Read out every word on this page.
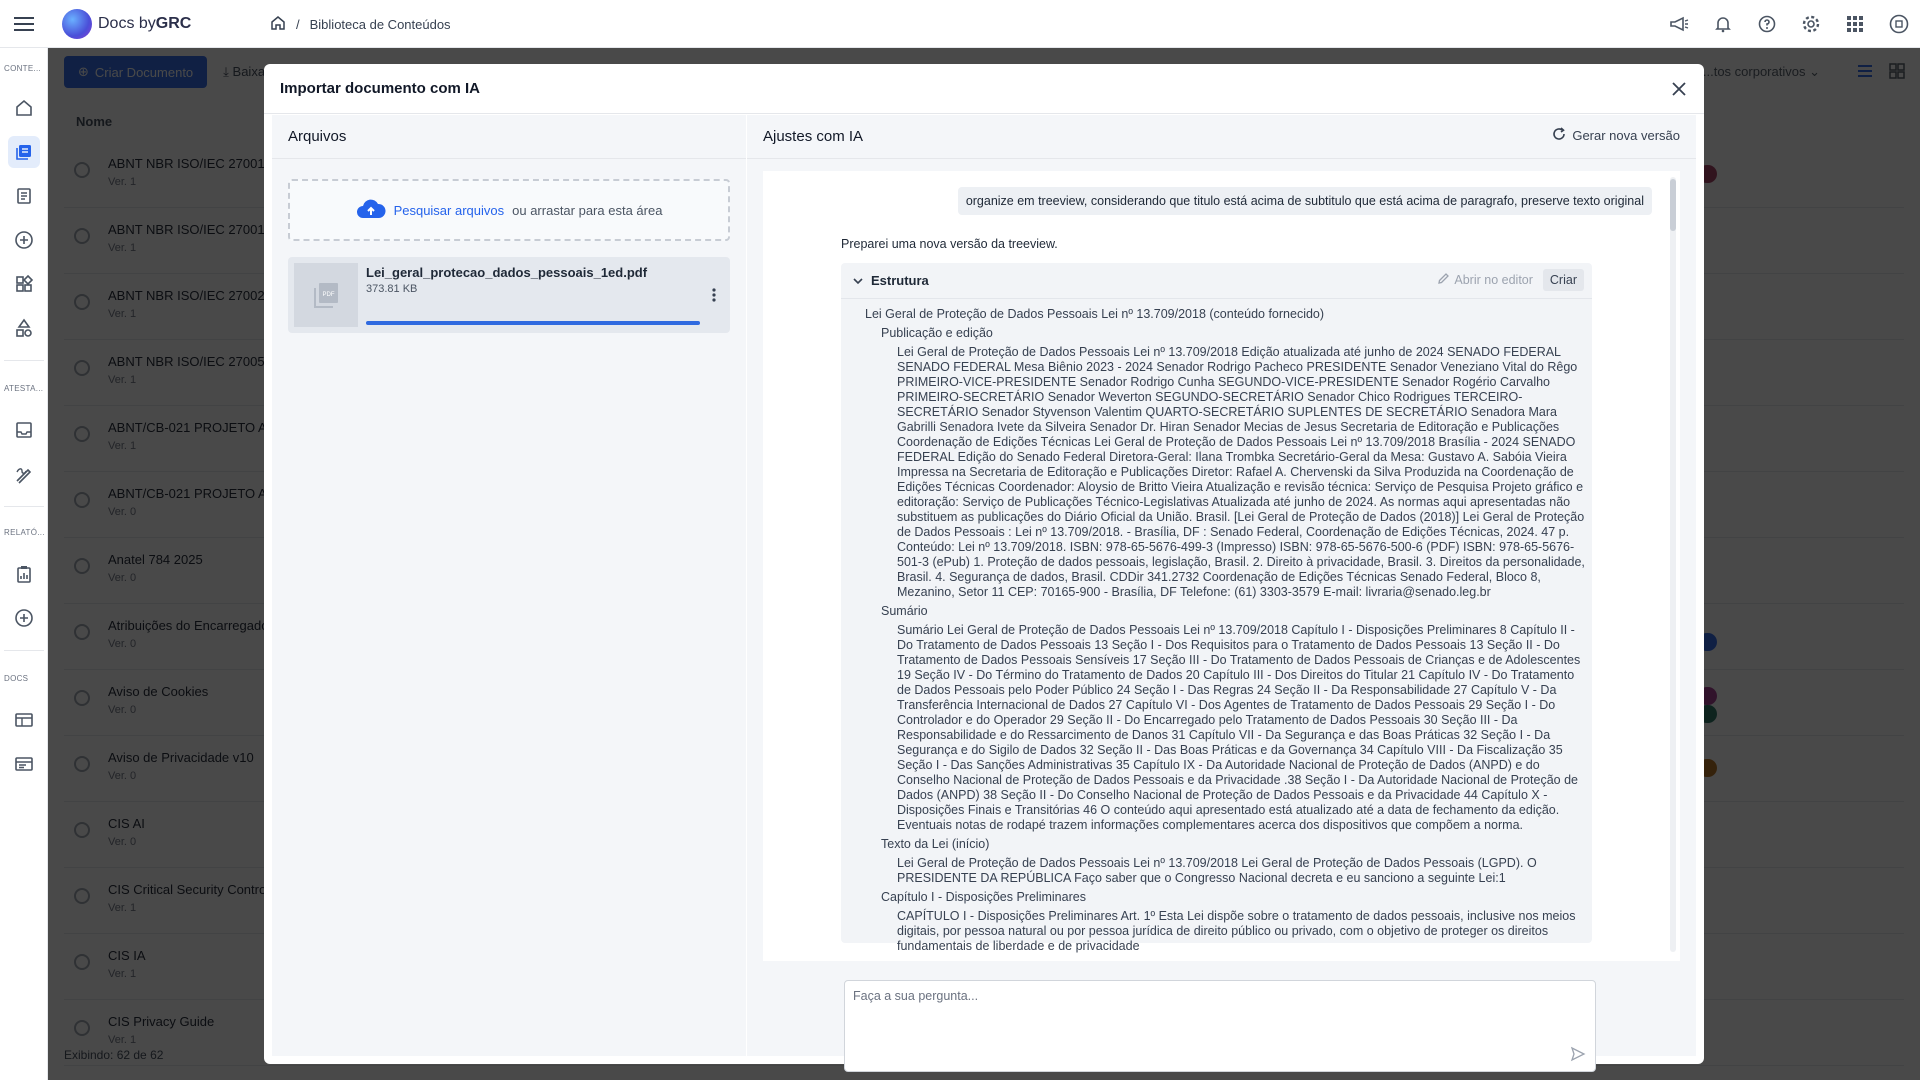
Docs byGRC	/ Biblioteca de Conteúdos
CONTE...
ATESTA...
RELATÓ...
DOCS

Importar documento com IA
Arquivos
Pesquisar arquivos ou arrastar para esta área
PDF
Lei_geral_protecao_dados_pessoais_1ed.pdf
373.81 KB
Ajustes com IA	Gerar nova versão
organize em treeview, considerando que titulo está acima de subtitulo que está acima de paragrafo, preserve texto original
Preparei uma nova versão da treeview.
Estrutura	Abrir no editor	Criar
Lei Geral de Proteção de Dados Pessoais Lei nº 13.709/2018 (conteúdo fornecido)
Publicação e edição
Lei Geral de Proteção de Dados Pessoais Lei nº 13.709/2018 Edição atualizada até junho de 2024 SENADO FEDERAL SENADO FEDERAL Mesa Biênio 2023 - 2024 Senador Rodrigo Pacheco PRESIDENTE Senador Veneziano Vital do Rêgo PRIMEIRO-VICE-PRESIDENTE Senador Rodrigo Cunha SEGUNDO-VICE-PRESIDENTE Senador Rogério Carvalho PRIMEIRO-SECRETÁRIO Senador Weverton SEGUNDO-SECRETÁRIO Senador Chico Rodrigues TERCEIRO-SECRETÁRIO Senador Styvenson Valentim QUARTO-SECRETÁRIO SUPLENTES DE SECRETÁRIO Senadora Mara Gabrilli Senadora Ivete da Silveira Senador Dr. Hiran Senador Mecias de Jesus Secretaria de Editoração e Publicações Coordenação de Edições Técnicas Lei Geral de Proteção de Dados Pessoais Lei nº 13.709/2018 Brasília - 2024 SENADO FEDERAL Edição do Senado Federal Diretora-Geral: Ilana Trombka Secretário-Geral da Mesa: Gustavo A. Sabóia Vieira Impressa na Secretaria de Editoração e Publicações Diretor: Rafael A. Chervenski da Silva Produzida na Coordenação de Edições Técnicas Coordenador: Aloysio de Britto Vieira Atualização e revisão técnica: Serviço de Pesquisa Projeto gráfico e editoração: Serviço de Publicações Técnico-Legislativas Atualizada até junho de 2024. As normas aqui apresentadas não substituem as publicações do Diário Oficial da União. Brasil. [Lei Geral de Proteção de Dados (2018)] Lei Geral de Proteção de Dados Pessoais : Lei nº 13.709/2018. - Brasília, DF : Senado Federal, Coordenação de Edições Técnicas, 2024. 47 p. Conteúdo: Lei nº 13.709/2018. ISBN: 978-65-5676-499-3 (Impresso) ISBN: 978-65-5676-500-6 (PDF) ISBN: 978-65-5676-501-3 (ePub) 1. Proteção de dados pessoais, legislação, Brasil. 2. Direito à privacidade, Brasil. 3. Direitos da personalidade, Brasil. 4. Segurança de dados, Brasil. CDDir 341.2732 Coordenação de Edições Técnicas Senado Federal, Bloco 8, Mezanino, Setor 11 CEP: 70165-900 - Brasília, DF Telefone: (61) 3303-3579 E-mail: livraria@senado.leg.br
Sumário
Sumário Lei Geral de Proteção de Dados Pessoais Lei nº 13.709/2018 Capítulo I - Disposições Preliminares 8 Capítulo II - Do Tratamento de Dados Pessoais 13 Seção I - Dos Requisitos para o Tratamento de Dados Pessoais 13 Seção II - Do Tratamento de Dados Pessoais Sensíveis 17 Seção III - Do Tratamento de Dados Pessoais de Crianças e de Adolescentes 19 Seção IV - Do Término do Tratamento de Dados 20 Capítulo III - Dos Direitos do Titular 21 Capítulo IV - Do Tratamento de Dados Pessoais pelo Poder Público 24 Seção I - Das Regras 24 Seção II - Da Responsabilidade 27 Capítulo V - Da Transferência Internacional de Dados 27 Capítulo VI - Dos Agentes de Tratamento de Dados Pessoais 29 Seção I - Do Controlador e do Operador 29 Seção II - Do Encarregado pelo Tratamento de Dados Pessoais 30 Seção III - Da Responsabilidade e do Ressarcimento de Danos 31 Capítulo VII - Da Segurança e das Boas Práticas 32 Seção I - Da Segurança e do Sigilo de Dados 32 Seção II - Das Boas Práticas e da Governança 34 Capítulo VIII - Da Fiscalização 35 Seção I - Das Sanções Administrativas 35 Capítulo IX - Da Autoridade Nacional de Proteção de Dados (ANPD) e do Conselho Nacional de Proteção de Dados Pessoais e da Privacidade .38 Seção I - Da Autoridade Nacional de Proteção de Dados (ANPD) 38 Seção II - Do Conselho Nacional de Proteção de Dados Pessoais e da Privacidade 44 Capítulo X - Disposições Finais e Transitórias 46 O conteúdo aqui apresentado está atualizado até a data de fechamento da edição. Eventuais notas de rodapé trazem informações complementares acerca dos dispositivos que compõem a norma.
Texto da Lei (início)
Lei Geral de Proteção de Dados Pessoais Lei nº 13.709/2018 Lei Geral de Proteção de Dados Pessoais (LGPD). O PRESIDENTE DA REPÚBLICA Faço saber que o Congresso Nacional decreta e eu sanciono a seguinte Lei:1
Capítulo I - Disposições Preliminares
CAPÍTULO I - Disposições Preliminares Art. 1º Esta Lei dispõe sobre o tratamento de dados pessoais, inclusive nos meios digitais, por pessoa natural ou por pessoa jurídica de direito público ou privado, com o objetivo de proteger os direitos fundamentais de liberdade e de privacidade
Faça a sua pergunta...
